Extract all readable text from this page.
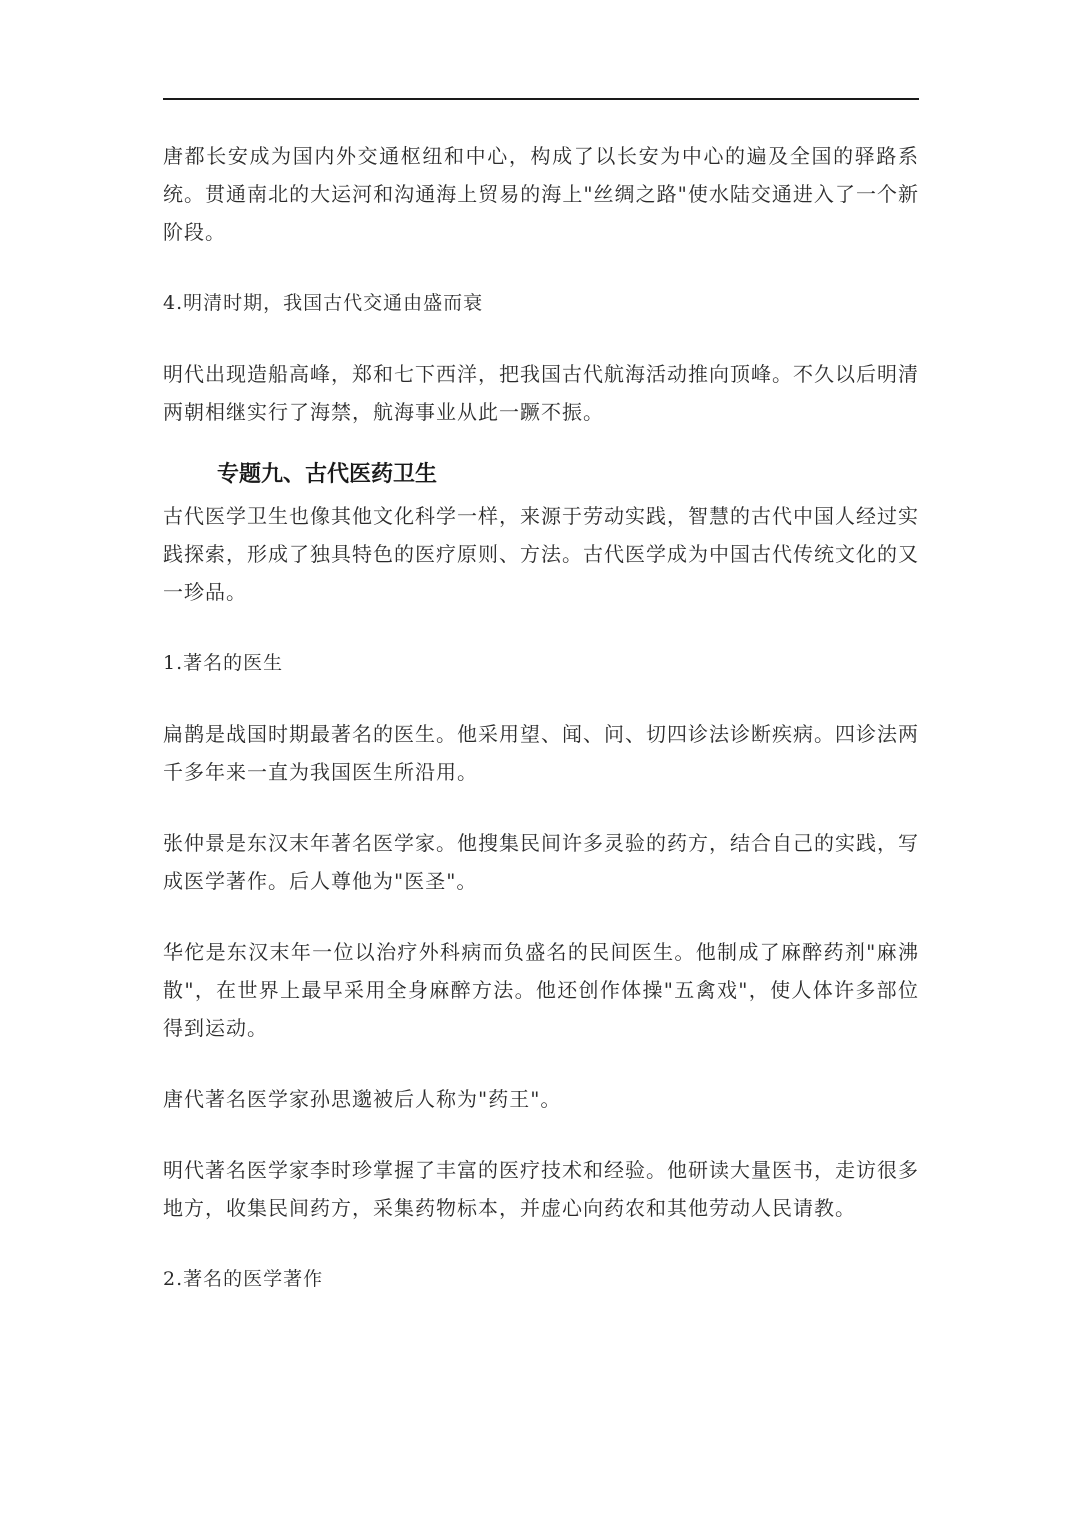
唐都长安成为国内外交通枢纽和中心，构成了以长安为中心的遍及全国的驿路系统。贯通南北的大运河和沟通海上贸易的海上"丝绸之路"使水陆交通进入了一个新阶段。

4.明清时期，我国古代交通由盛而衰

明代出现造船高峰，郑和七下西洋，把我国古代航海活动推向顶峰。不久以后明清两朝相继实行了海禁，航海事业从此一蹶不振。

专题九、古代医药卫生

古代医学卫生也像其他文化科学一样，来源于劳动实践，智慧的古代中国人经过实践探索，形成了独具特色的医疗原则、方法。古代医学成为中国古代传统文化的又一珍品。

1.著名的医生

扁鹊是战国时期最著名的医生。他采用望、闻、问、切四诊法诊断疾病。四诊法两千多年来一直为我国医生所沿用。

张仲景是东汉末年著名医学家。他搜集民间许多灵验的药方，结合自己的实践，写成医学著作。后人尊他为"医圣"。

华佗是东汉末年一位以治疗外科病而负盛名的民间医生。他制成了麻醉药剂"麻沸散"，在世界上最早采用全身麻醉方法。他还创作体操"五禽戏"，使人体许多部位得到运动。

唐代著名医学家孙思邈被后人称为"药王"。

明代著名医学家李时珍掌握了丰富的医疗技术和经验。他研读大量医书，走访很多地方，收集民间药方，采集药物标本，并虚心向药农和其他劳动人民请教。

2.著名的医学著作
